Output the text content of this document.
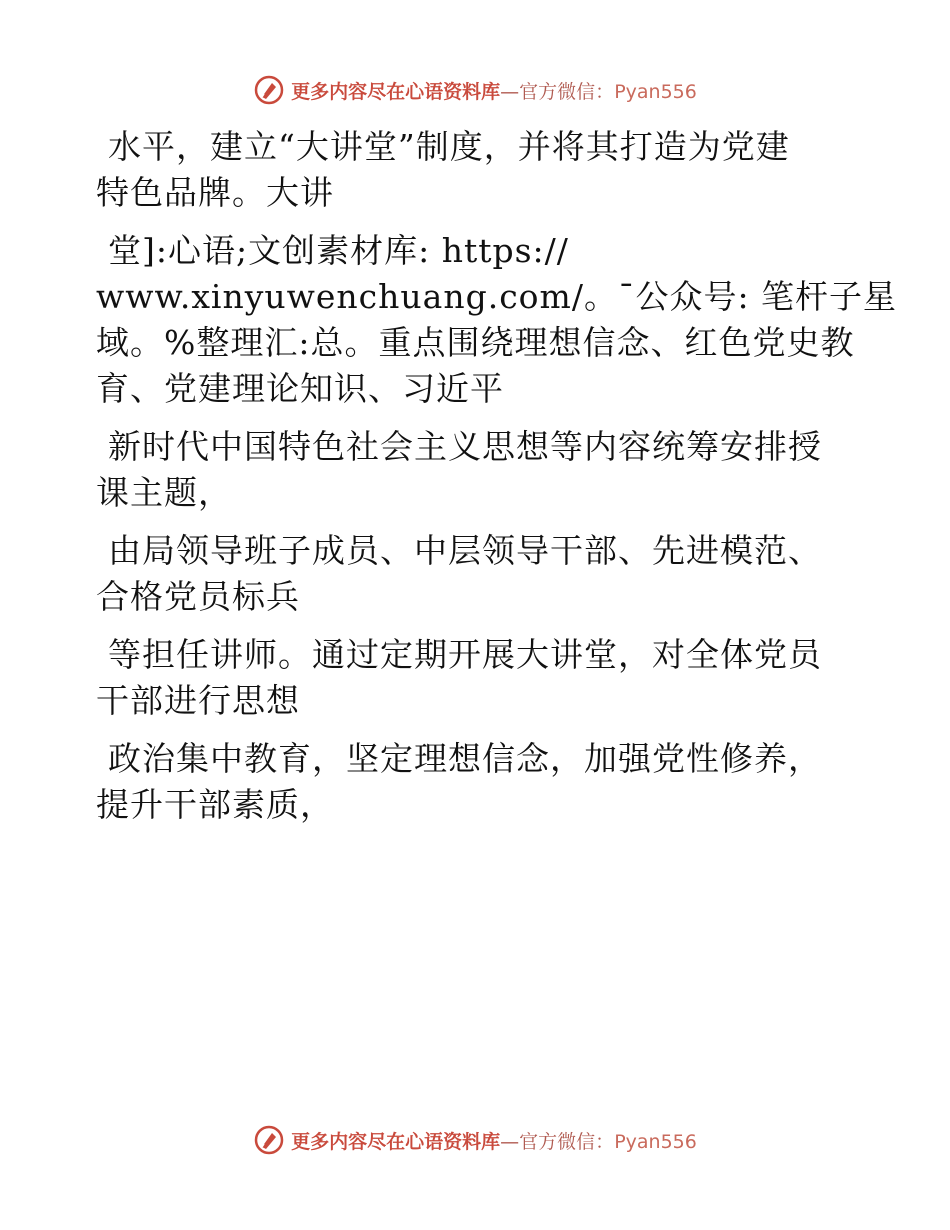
更多内容尽在心语资料库—官方微信：Pyan556

水平，建立“大讲堂”制度，并将其打造为党建
特色品牌。大讲

堂]:心语;文创素材库: https://
www.xinyuwenchuang.com/。¯公众号: 笔杆子星
域。%整理汇:总。重点围绕理想信念、红色党史教
育、党建理论知识、习近平

新时代中国特色社会主义思想等内容统筹安排授
课主题，

由局领导班子成员、中层领导干部、先进模范、
合格党员标兵

等担任讲师。通过定期开展大讲堂，对全体党员
干部进行思想

政治集中教育，坚定理想信念，加强党性修养，
提升干部素质，

更多内容尽在心语资料库—官方微信：Pyan556
